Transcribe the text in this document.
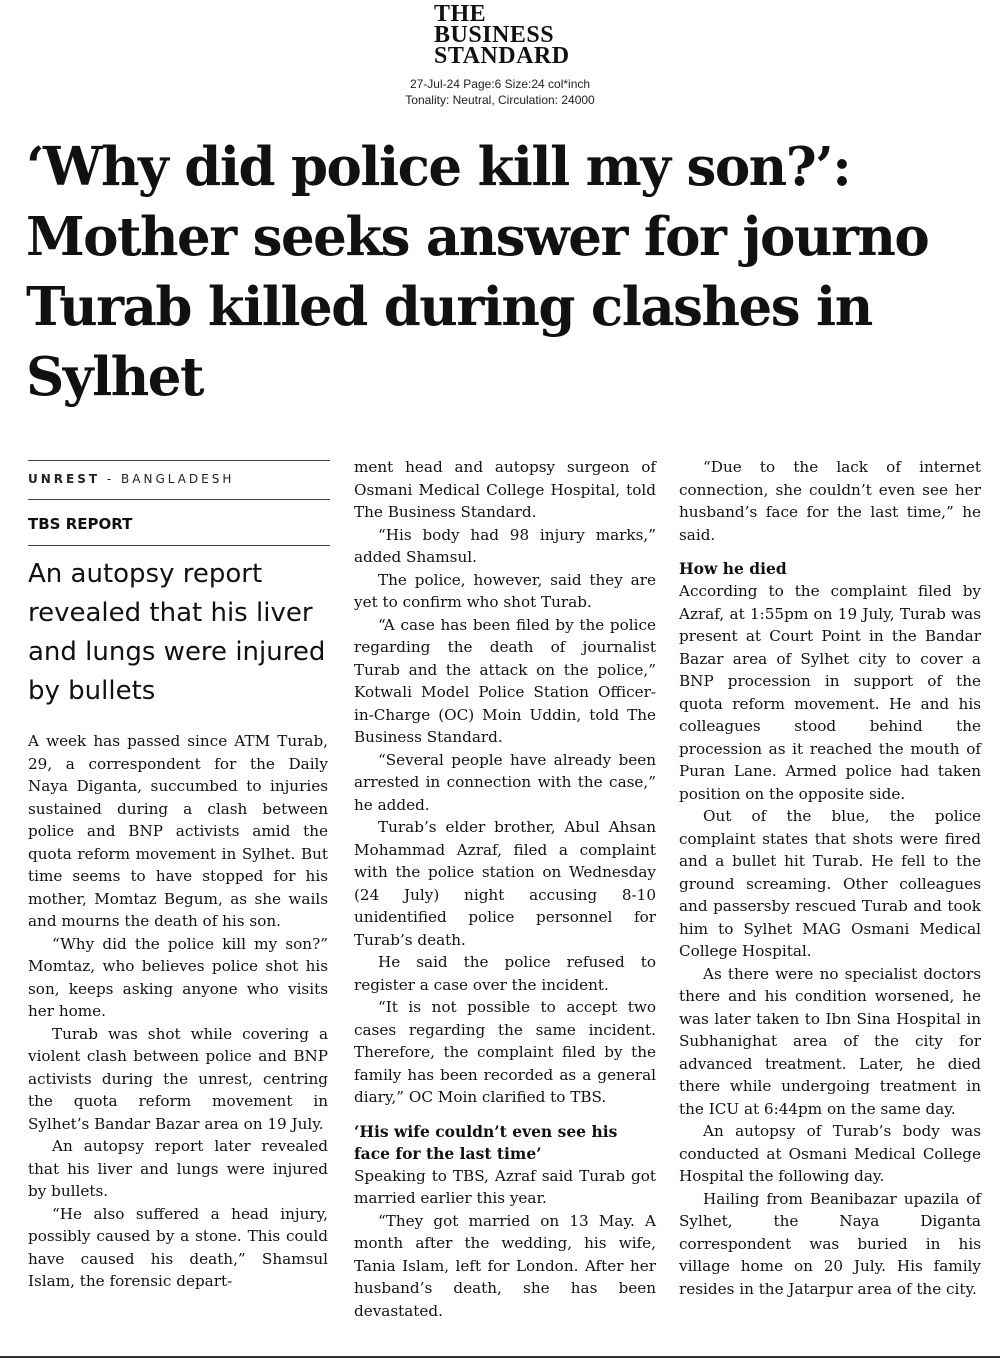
THE
BUSINESS
STANDARD
27-Jul-24 Page:6 Size:24 col*inch
Tonality: Neutral, Circulation: 24000
‘Why did police kill my son?’: Mother seeks answer for journo Turab killed during clashes in Sylhet
UNREST - BANGLADESH
TBS REPORT
An autopsy report revealed that his liver and lungs were injured by bullets

A week has passed since ATM Turab, 29, a correspondent for the Daily Naya Diganta, succumbed to injuries sustained during a clash between police and BNP activists amid the quota reform movement in Sylhet. But time seems to have stopped for his mother, Momtaz Begum, as she wails and mourns the death of his son.

“Why did the police kill my son?” Momtaz, who believes police shot his son, keeps asking anyone who visits her home.

Turab was shot while covering a violent clash between police and BNP activists during the unrest, centring the quota reform movement in Sylhet’s Bandar Bazar area on 19 July.

An autopsy report later revealed that his liver and lungs were injured by bullets.

“He also suffered a head injury, possibly caused by a stone. This could have caused his death,” Shamsul Islam, the forensic depart-

ment head and autopsy surgeon of Osmani Medical College Hospital, told The Business Standard.

“His body had 98 injury marks,” added Shamsul.

The police, however, said they are yet to confirm who shot Turab.

“A case has been filed by the police regarding the death of journalist Turab and the attack on the police,” Kotwali Model Police Station Officer-in-Charge (OC) Moin Uddin, told The Business Standard.

“Several people have already been arrested in connection with the case,” he added.

Turab’s elder brother, Abul Ahsan Mohammad Azraf, filed a complaint with the police station on Wednesday (24 July) night accusing 8-10 unidentified police personnel for Turab’s death.

He said the police refused to register a case over the incident.

“It is not possible to accept two cases regarding the same incident. Therefore, the complaint filed by the family has been recorded as a general diary,” OC Moin clarified to TBS.

‘His wife couldn’t even see his face for the last time’

Speaking to TBS, Azraf said Turab got married earlier this year.

“They got married on 13 May. A month after the wedding, his wife, Tania Islam, left for London. After her husband’s death, she has been devastated.

“Due to the lack of internet connection, she couldn’t even see her husband’s face for the last time,” he said.

How he died

According to the complaint filed by Azraf, at 1:55pm on 19 July, Turab was present at Court Point in the Bandar Bazar area of Sylhet city to cover a BNP procession in support of the quota reform movement. He and his colleagues stood behind the procession as it reached the mouth of Puran Lane. Armed police had taken position on the opposite side.

Out of the blue, the police complaint states that shots were fired and a bullet hit Turab. He fell to the ground screaming. Other colleagues and passersby rescued Turab and took him to Sylhet MAG Osmani Medical College Hospital.

As there were no specialist doctors there and his condition worsened, he was later taken to Ibn Sina Hospital in Subhanighat area of the city for advanced treatment. Later, he died there while undergoing treatment in the ICU at 6:44pm on the same day.

An autopsy of Turab’s body was conducted at Osmani Medical College Hospital the following day.

Hailing from Beanibazar upazila of Sylhet, the Naya Diganta correspondent was buried in his village home on 20 July. His family resides in the Jatarpur area of the city.
